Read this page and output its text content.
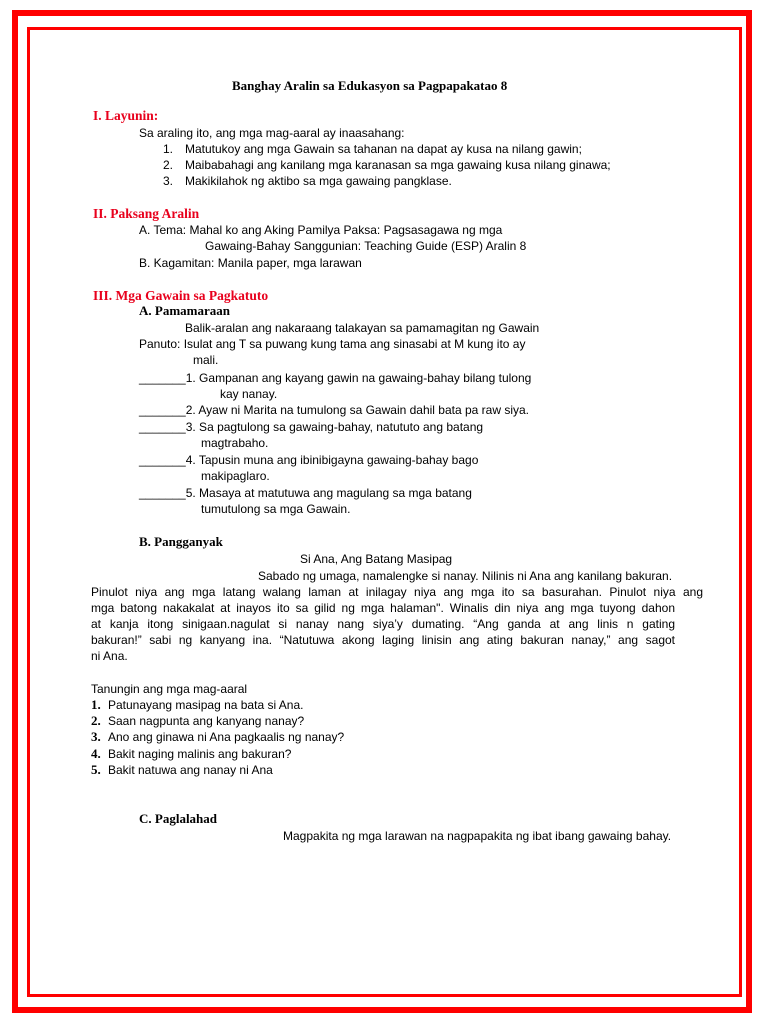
Banghay Aralin sa Edukasyon sa Pagpapakatao 8
I. Layunin:
Sa araling ito, ang mga mag-aaral ay inaasahang:
1. Matutukoy ang mga Gawain sa tahanan na dapat ay kusa na nilang gawin;
2. Maibabahagi ang kanilang mga karanasan sa mga gawaing kusa nilang ginawa;
3. Makikilahok ng aktibo sa mga gawaing pangklase.
II. Paksang Aralin
A. Tema: Mahal ko ang Aking Pamilya Paksa: Pagsasagawa ng mga
Gawaing-Bahay Sanggunian: Teaching Guide (ESP) Aralin 8
B. Kagamitan: Manila paper, mga larawan
III. Mga Gawain sa Pagkatuto
A. Pamamaraan
Balik-aralan ang nakaraang talakayan sa pamamagitan ng Gawain
Panuto: Isulat ang T sa puwang kung tama ang sinasabi at M kung ito ay
mali.
_______1. Gampanan ang kayang gawin na gawaing-bahay bilang tulong
kay nanay.
_______2. Ayaw ni Marita na tumulong sa Gawain dahil bata pa raw siya.
_______3. Sa pagtulong sa gawaing-bahay, natututo ang batang
magtrabaho.
_______4. Tapusin muna ang ibinibigayna gawaing-bahay bago
makipaglaro.
_______5. Masaya at matutuwa ang magulang sa mga batang
tumutulong sa mga Gawain.
B. Pangganyak
Si Ana, Ang Batang Masipag
Sabado ng umaga, namalengke si nanay. Nilinis ni Ana ang kanilang bakuran.
Pinulot niya ang mga latang walang laman at inilagay niya ang mga ito sa basurahan. Pinulot niya ang
mga batong nakakalat at inayos ito sa gilid ng mga halaman". Winalis din niya ang mga tuyong dahon
at kanja itong sinigaan.nagulat si nanay nang siya’y dumating. “Ang ganda at ang linis n gating
bakuran!” sabi ng kanyang ina. “Natutuwa akong laging linisin ang ating bakuran nanay,” ang sagot
ni Ana.
Tanungin ang mga mag-aaral
1. Patunayang masipag na bata si Ana.
2. Saan nagpunta ang kanyang nanay?
3. Ano ang ginawa ni Ana pagkaalis ng nanay?
4. Bakit naging malinis ang bakuran?
5. Bakit natuwa ang nanay ni Ana
C. Paglalahad
Magpakita ng mga larawan na nagpapakita ng ibat ibang gawaing bahay.
